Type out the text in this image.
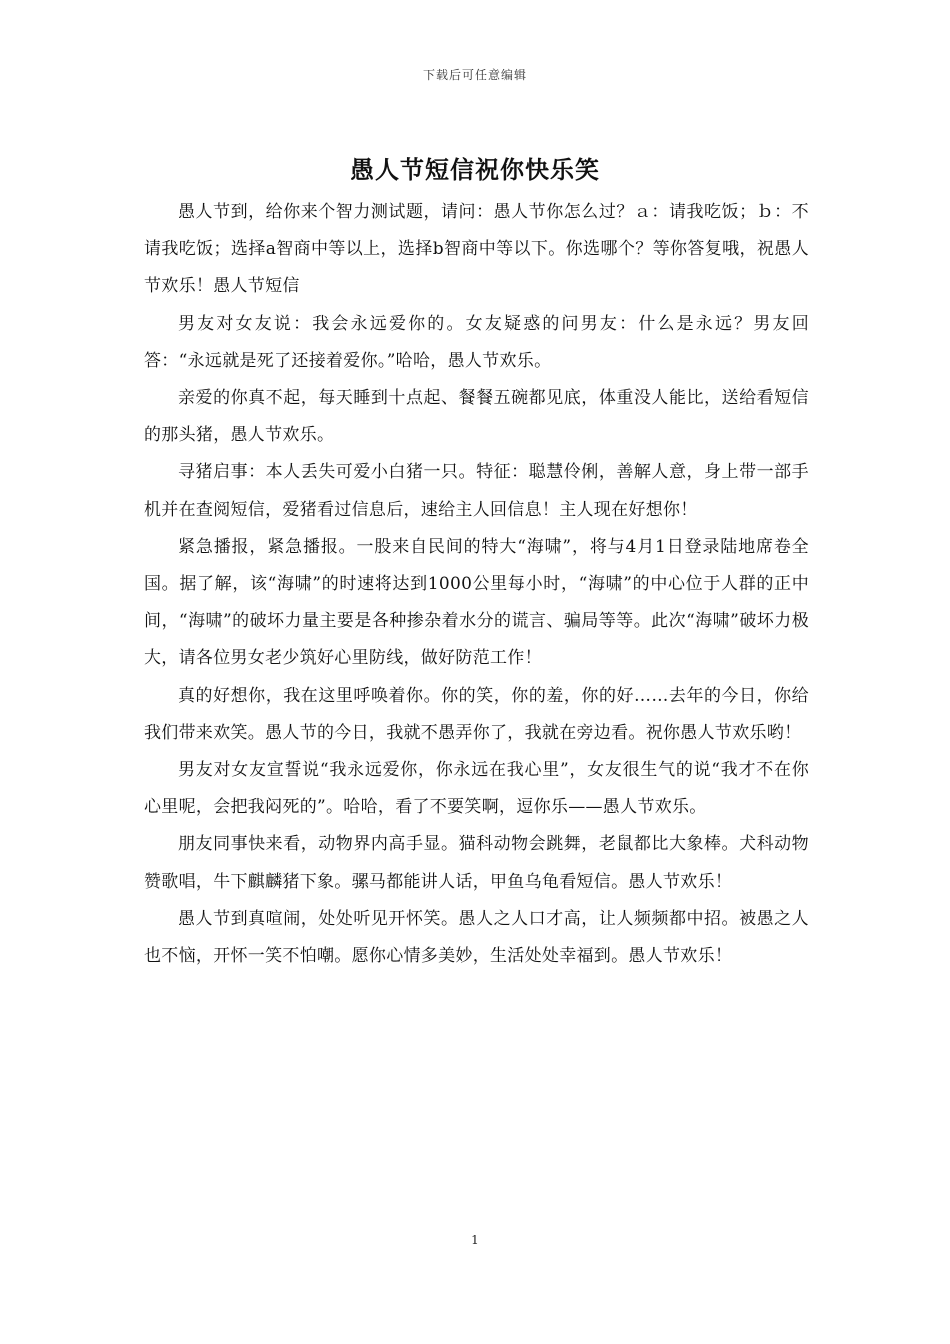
下载后可任意编辑
愚人节短信祝你快乐笑

愚人节到，给你来个智力测试题，请问：愚人节你怎么过？ａ：请我吃饭；ｂ：不请我吃饭；选择a智商中等以上，选择b智商中等以下。你选哪个？等你答复哦，祝愚人节欢乐！愚人节短信

男友对女友说：我会永远爱你的。女友疑惑的问男友：什么是永远？男友回答：“永远就是死了还接着爱你。”哈哈，愚人节欢乐。

亲爱的你真不起，每天睡到十点起、餐餐五碗都见底，体重没人能比，送给看短信的那头猪，愚人节欢乐。

寻猪启事：本人丢失可爱小白猪一只。特征：聪慧伶俐，善解人意，身上带一部手机并在查阅短信，爱猪看过信息后，速给主人回信息！主人现在好想你！

紧急播报，紧急播报。一股来自民间的特大“海啸”，将与4月1日登录陆地席卷全国。据了解，该“海啸”的时速将达到1000公里每小时，“海啸”的中心位于人群的正中间，“海啸”的破坏力量主要是各种掺杂着水分的谎言、骗局等等。此次“海啸”破坏力极大，请各位男女老少筑好心里防线，做好防范工作！

真的好想你，我在这里呼唤着你。你的笑，你的羞，你的好……去年的今日，你给我们带来欢笑。愚人节的今日，我就不愚弄你了，我就在旁边看。祝你愚人节欢乐哟！

男友对女友宣誓说“我永远爱你，你永远在我心里”，女友很生气的说“我才不在你心里呢，会把我闷死的”。哈哈，看了不要笑啊，逗你乐——愚人节欢乐。

朋友同事快来看，动物界内高手显。猫科动物会跳舞，老鼠都比大象棒。犬科动物赞歌唱，牛下麒麟猪下象。骡马都能讲人话，甲鱼乌龟看短信。愚人节欢乐！

愚人节到真喧闹，处处听见开怀笑。愚人之人口才高，让人频频都中招。被愚之人也不恼，开怀一笑不怕嘲。愿你心情多美妙，生活处处幸福到。愚人节欢乐！

1
